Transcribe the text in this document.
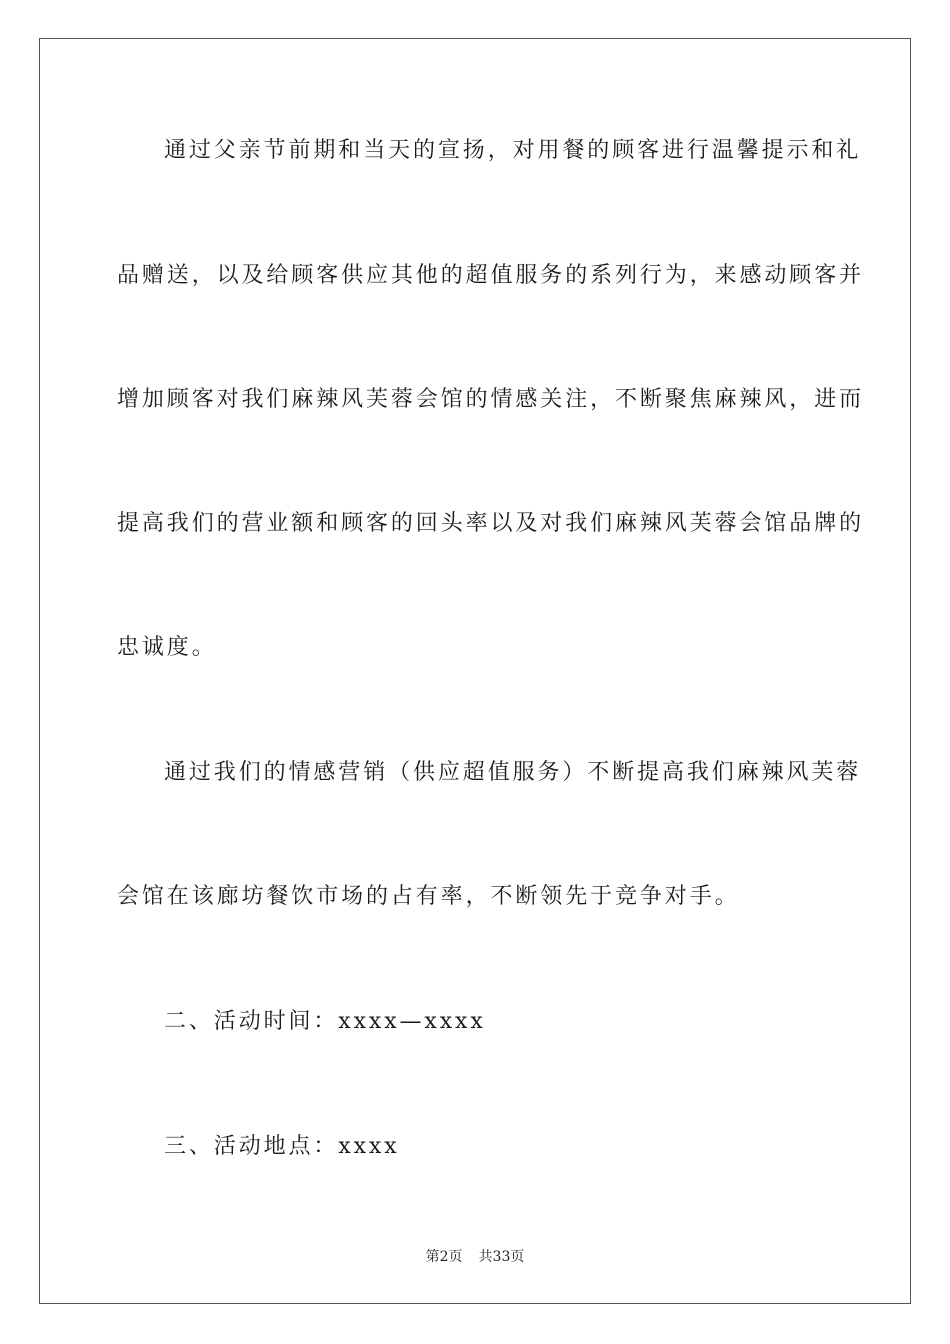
通过父亲节前期和当天的宣扬，对用餐的顾客进行温馨提示和礼
品赠送，以及给顾客供应其他的超值服务的系列行为，来感动顾客并
增加顾客对我们麻辣风芙蓉会馆的情感关注，不断聚焦麻辣风，进而
提高我们的营业额和顾客的回头率以及对我们麻辣风芙蓉会馆品牌的
忠诚度。
通过我们的情感营销（供应超值服务）不断提高我们麻辣风芙蓉
会馆在该廊坊餐饮市场的占有率，不断领先于竞争对手。
二、活动时间：xxxx—xxxx
三、活动地点：xxxx
第2页 共33页
